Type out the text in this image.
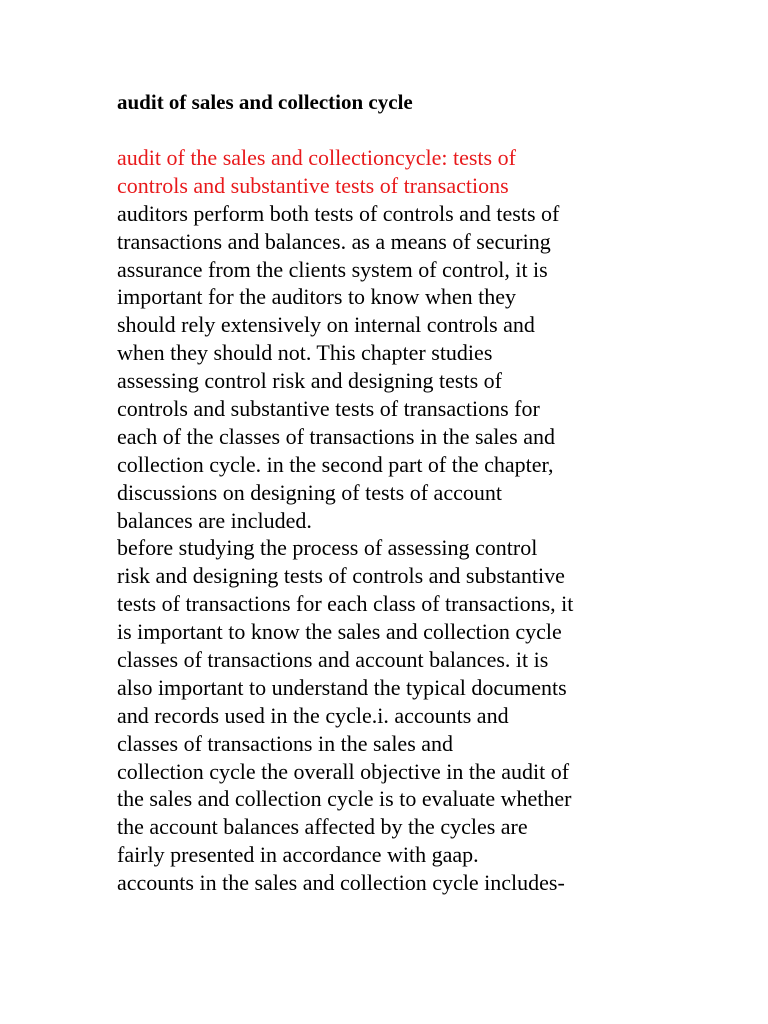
audit of sales and collection cycle
audit of the sales and collectioncycle: tests of
controls and substantive tests of transactions
auditors perform both tests of controls and tests of
transactions and balances. as a means of securing
assurance from the clients system of control, it is
important for the auditors to know when they
should rely extensively on internal controls and
when they should not. This chapter studies
assessing control risk and designing tests of
controls and substantive tests of transactions for
each of the classes of transactions in the sales and
collection cycle. in the second part of the chapter,
discussions on designing of tests of account
balances are included.
before studying the process of assessing control
risk and designing tests of controls and substantive
tests of transactions for each class of transactions, it
is important to know the sales and collection cycle
classes of transactions and account balances. it is
also important to understand the typical documents
and records used in the cycle.i. accounts and
classes of transactions in the sales and
collection cycle the overall objective in the audit of
the sales and collection cycle is to evaluate whether
the account balances affected by the cycles are
fairly presented in accordance with gaap.
accounts in the sales and collection cycle includes-
